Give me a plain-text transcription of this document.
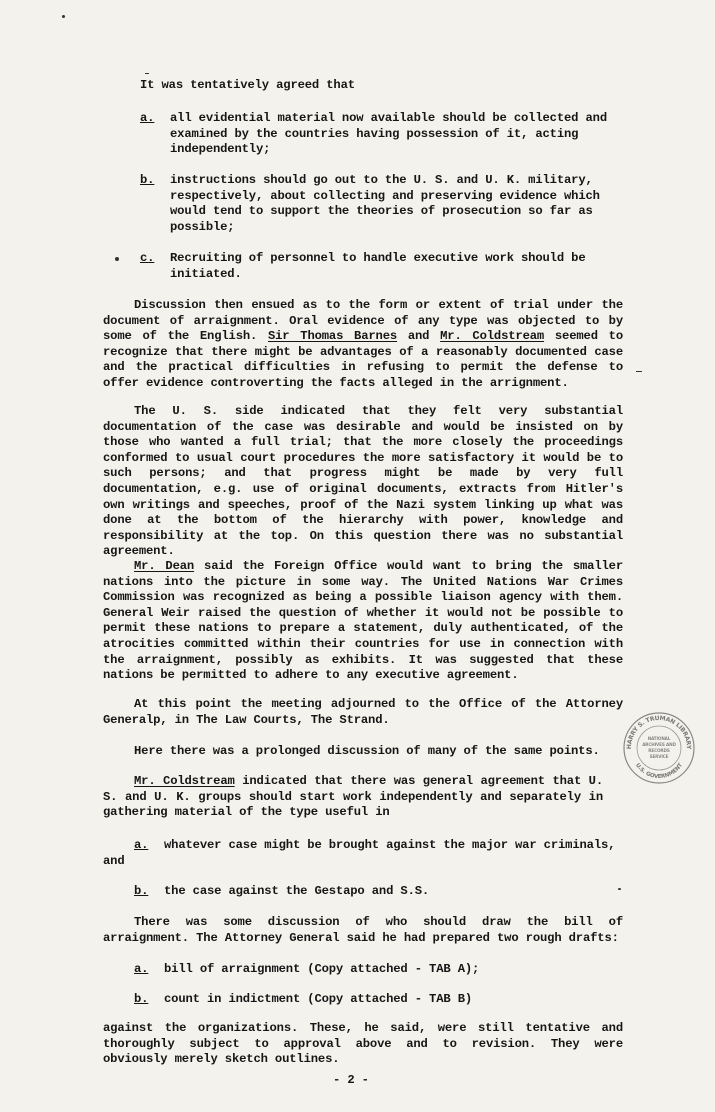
It was tentatively agreed that

a. all evidential material now available should be collected and examined by the countries having possession of it, acting independently;
b. instructions should go out to the U. S. and U. K. military, respectively, about collecting and preserving evidence which would tend to support the theories of prosecution so far as possible;
c. Recruiting of personnel to handle executive work should be initiated.

Discussion then ensued as to the form or extent of trial under the document of arraignment. Oral evidence of any type was objected to by some of the English. Sir Thomas Barnes and Mr. Coldstream seemed to recognize that there might be advantages of a reasonably documented case and the practical difficulties in refusing to permit the defense to offer evidence controverting the facts alleged in the arrignment.

The U. S. side indicated that they felt very substantial documentation of the case was desirable and would be insisted on by those who wanted a full trial; that the more closely the proceedings conformed to usual court procedures the more satisfactory it would be to such persons; and that progress might be made by very full documentation, e.g. use of original documents, extracts from Hitler's own writings and speeches, proof of the Nazi system linking up what was done at the bottom of the hierarchy with power, knowledge and responsibility at the top. On this question there was no substantial agreement.

Mr. Dean said the Foreign Office would want to bring the smaller nations into the picture in some way. The United Nations War Crimes Commission was recognized as being a possible liaison agency with them. General Weir raised the question of whether it would not be possible to permit these nations to prepare a statement, duly authenticated, of the atrocities committed within their countries for use in connection with the arraignment, possibly as exhibits. It was suggested that these nations be permitted to adhere to any executive agreement.

At this point the meeting adjourned to the Office of the Attorney Generalp, in The Law Courts, The Strand.

Here there was a prolonged discussion of many of the same points.

Mr. Coldstream indicated that there was general agreement that U. S. and U. K. groups should start work independently and separately in gathering material of the type useful in

a. whatever case might be brought against the major war criminals,

and

b. the case against the Gestapo and S.S.

There was some discussion of who should draw the bill of arraignment. The Attorney General said he had prepared two rough drafts:

a. bill of arraignment (Copy attached - TAB A);
b. count in indictment (Copy attached - TAB B)

against the organizations. These, he said, were still tentative and thoroughly subject to approval above and to revision. They were obviously merely sketch outlines.

- 2 -

HARRY S. TRUMAN LIBRARY
U.S. GOVERNMENT
NATIONAL
ARCHIVES AND
RECORDS
SERVICE
